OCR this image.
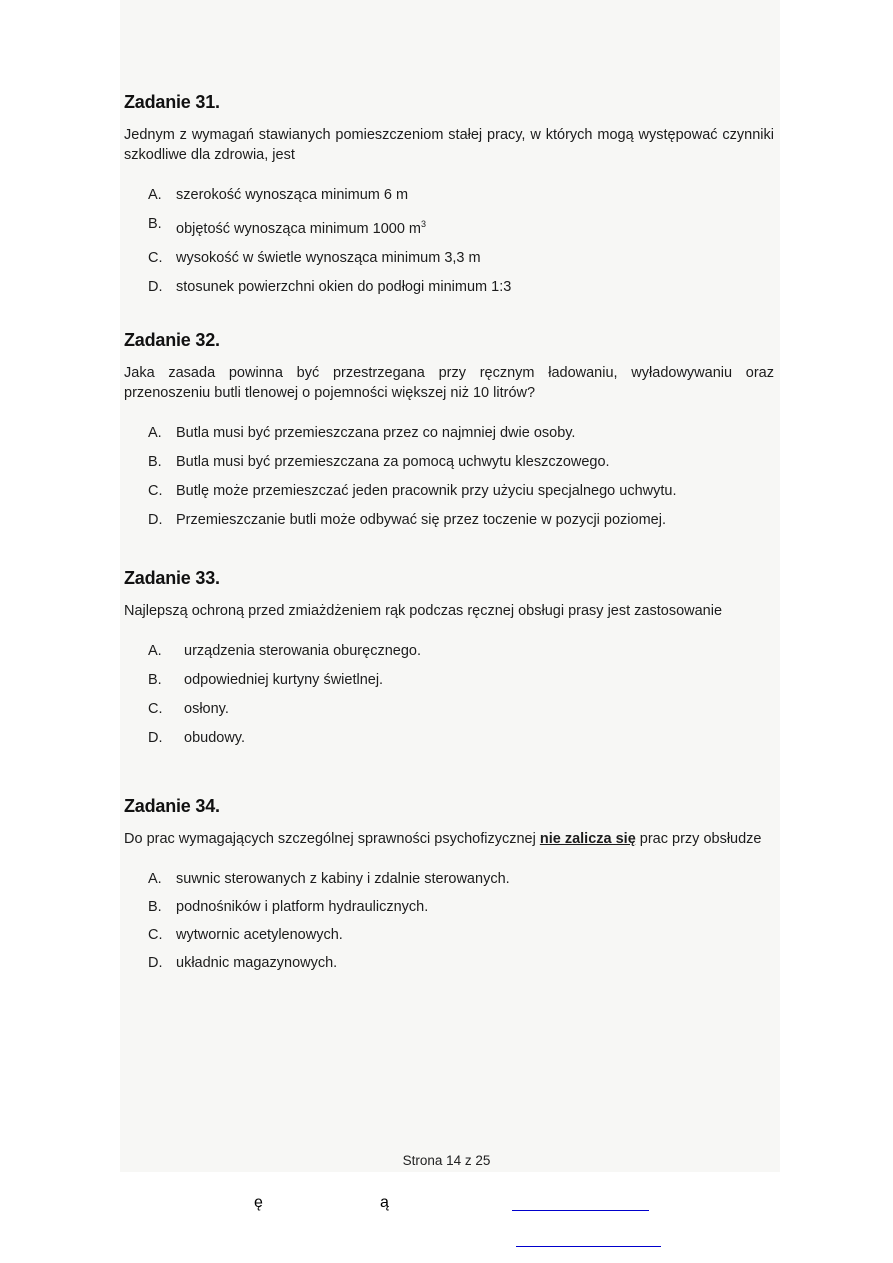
Zadanie 31.

Jednym z wymagań stawianych pomieszczeniom stałej pracy, w których mogą występować czynniki szkodliwe dla zdrowia, jest

A. szerokość wynosząca minimum 6 m
B. objętość wynosząca minimum 1000 $m^3$
C. wysokość w świetle wynosząca minimum 3,3 m
D. stosunek powierzchni okien do podłogi minimum 1:3
Zadanie 32.

Jaka zasada powinna być przestrzegana przy ręcznym ładowaniu, wyładowywaniu oraz przenoszeniu butli tlenowej o pojemności większej niż 10 litrów?

A. Butla musi być przemieszczana przez co najmniej dwie osoby.
B. Butla musi być przemieszczana za pomocą uchwytu kleszczowego.
C. Butlę może przemieszczać jeden pracownik przy użyciu specjalnego uchwytu.
D. Przemieszczanie butli może odbywać się przez toczenie w pozycji poziomej.
Zadanie 33.

Najlepszą ochroną przed zmiażdżeniem rąk podczas ręcznej obsługi prasy jest zastosowanie

A.	urządzenia sterowania oburęcznego.
B.	odpowiedniej kurtyny świetlnej.
C.	osłony.
D.	obudowy.
Zadanie 34.

Do prac wymagających szczególnej sprawności psychofizycznej nie zalicza się prac przy obsłudze

A. suwnic sterowanych z kabiny i zdalnie sterowanych.
B. podnośników i platform hydraulicznych.
C. wytwornic acetylenowych.
D. układnic magazynowych.
Strona 14 z 25
ę	ą
